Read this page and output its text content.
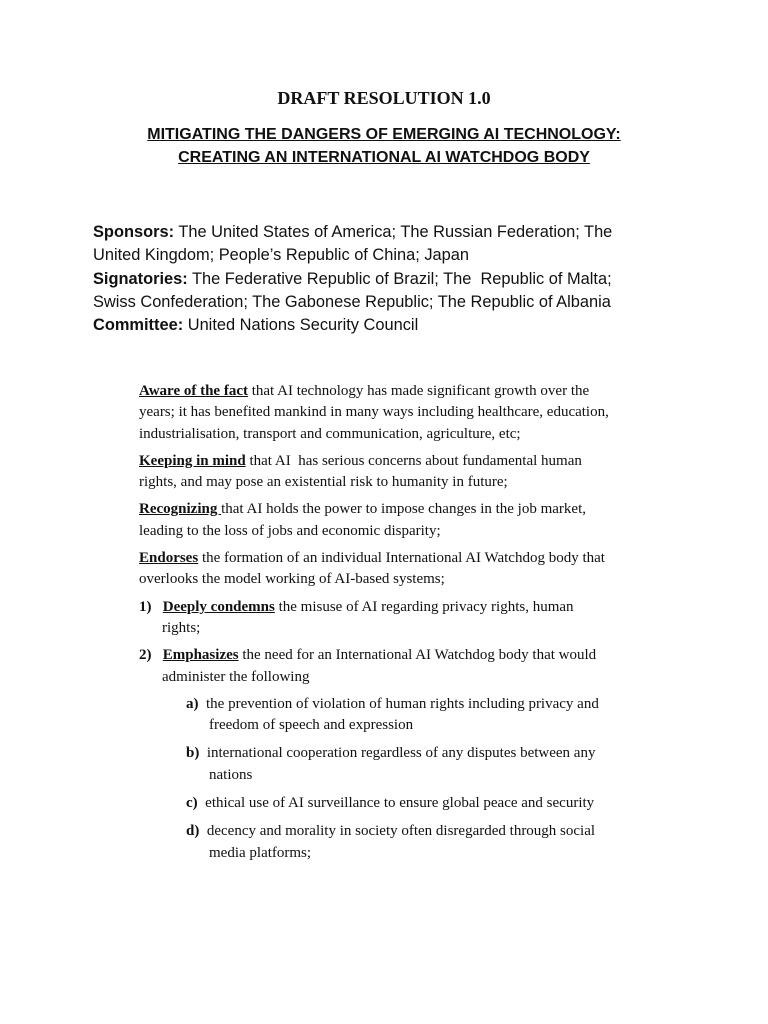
DRAFT RESOLUTION 1.0
MITIGATING THE DANGERS OF EMERGING AI TECHNOLOGY:
CREATING AN INTERNATIONAL AI WATCHDOG BODY
Sponsors: The United States of America; The Russian Federation; The
United Kingdom; People’s Republic of China; Japan
Signatories: The Federative Republic of Brazil; The  Republic of Malta;
Swiss Confederation; The Gabonese Republic; The Republic of Albania
Committee: United Nations Security Council
Aware of the fact that AI technology has made significant growth over the
years; it has benefited mankind in many ways including healthcare, education,
industrialisation, transport and communication, agriculture, etc;
Keeping in mind that AI  has serious concerns about fundamental human
rights, and may pose an existential risk to humanity in future;
Recognizing that AI holds the power to impose changes in the job market,
leading to the loss of jobs and economic disparity;
Endorses the formation of an individual International AI Watchdog body that
overlooks the model working of AI-based systems;
1) Deeply condemns the misuse of AI regarding privacy rights, human
rights;
2) Emphasizes the need for an International AI Watchdog body that would
administer the following
a)  the prevention of violation of human rights including privacy and
freedom of speech and expression
b)  international cooperation regardless of any disputes between any
nations
c)  ethical use of AI surveillance to ensure global peace and security
d)  decency and morality in society often disregarded through social
media platforms;
